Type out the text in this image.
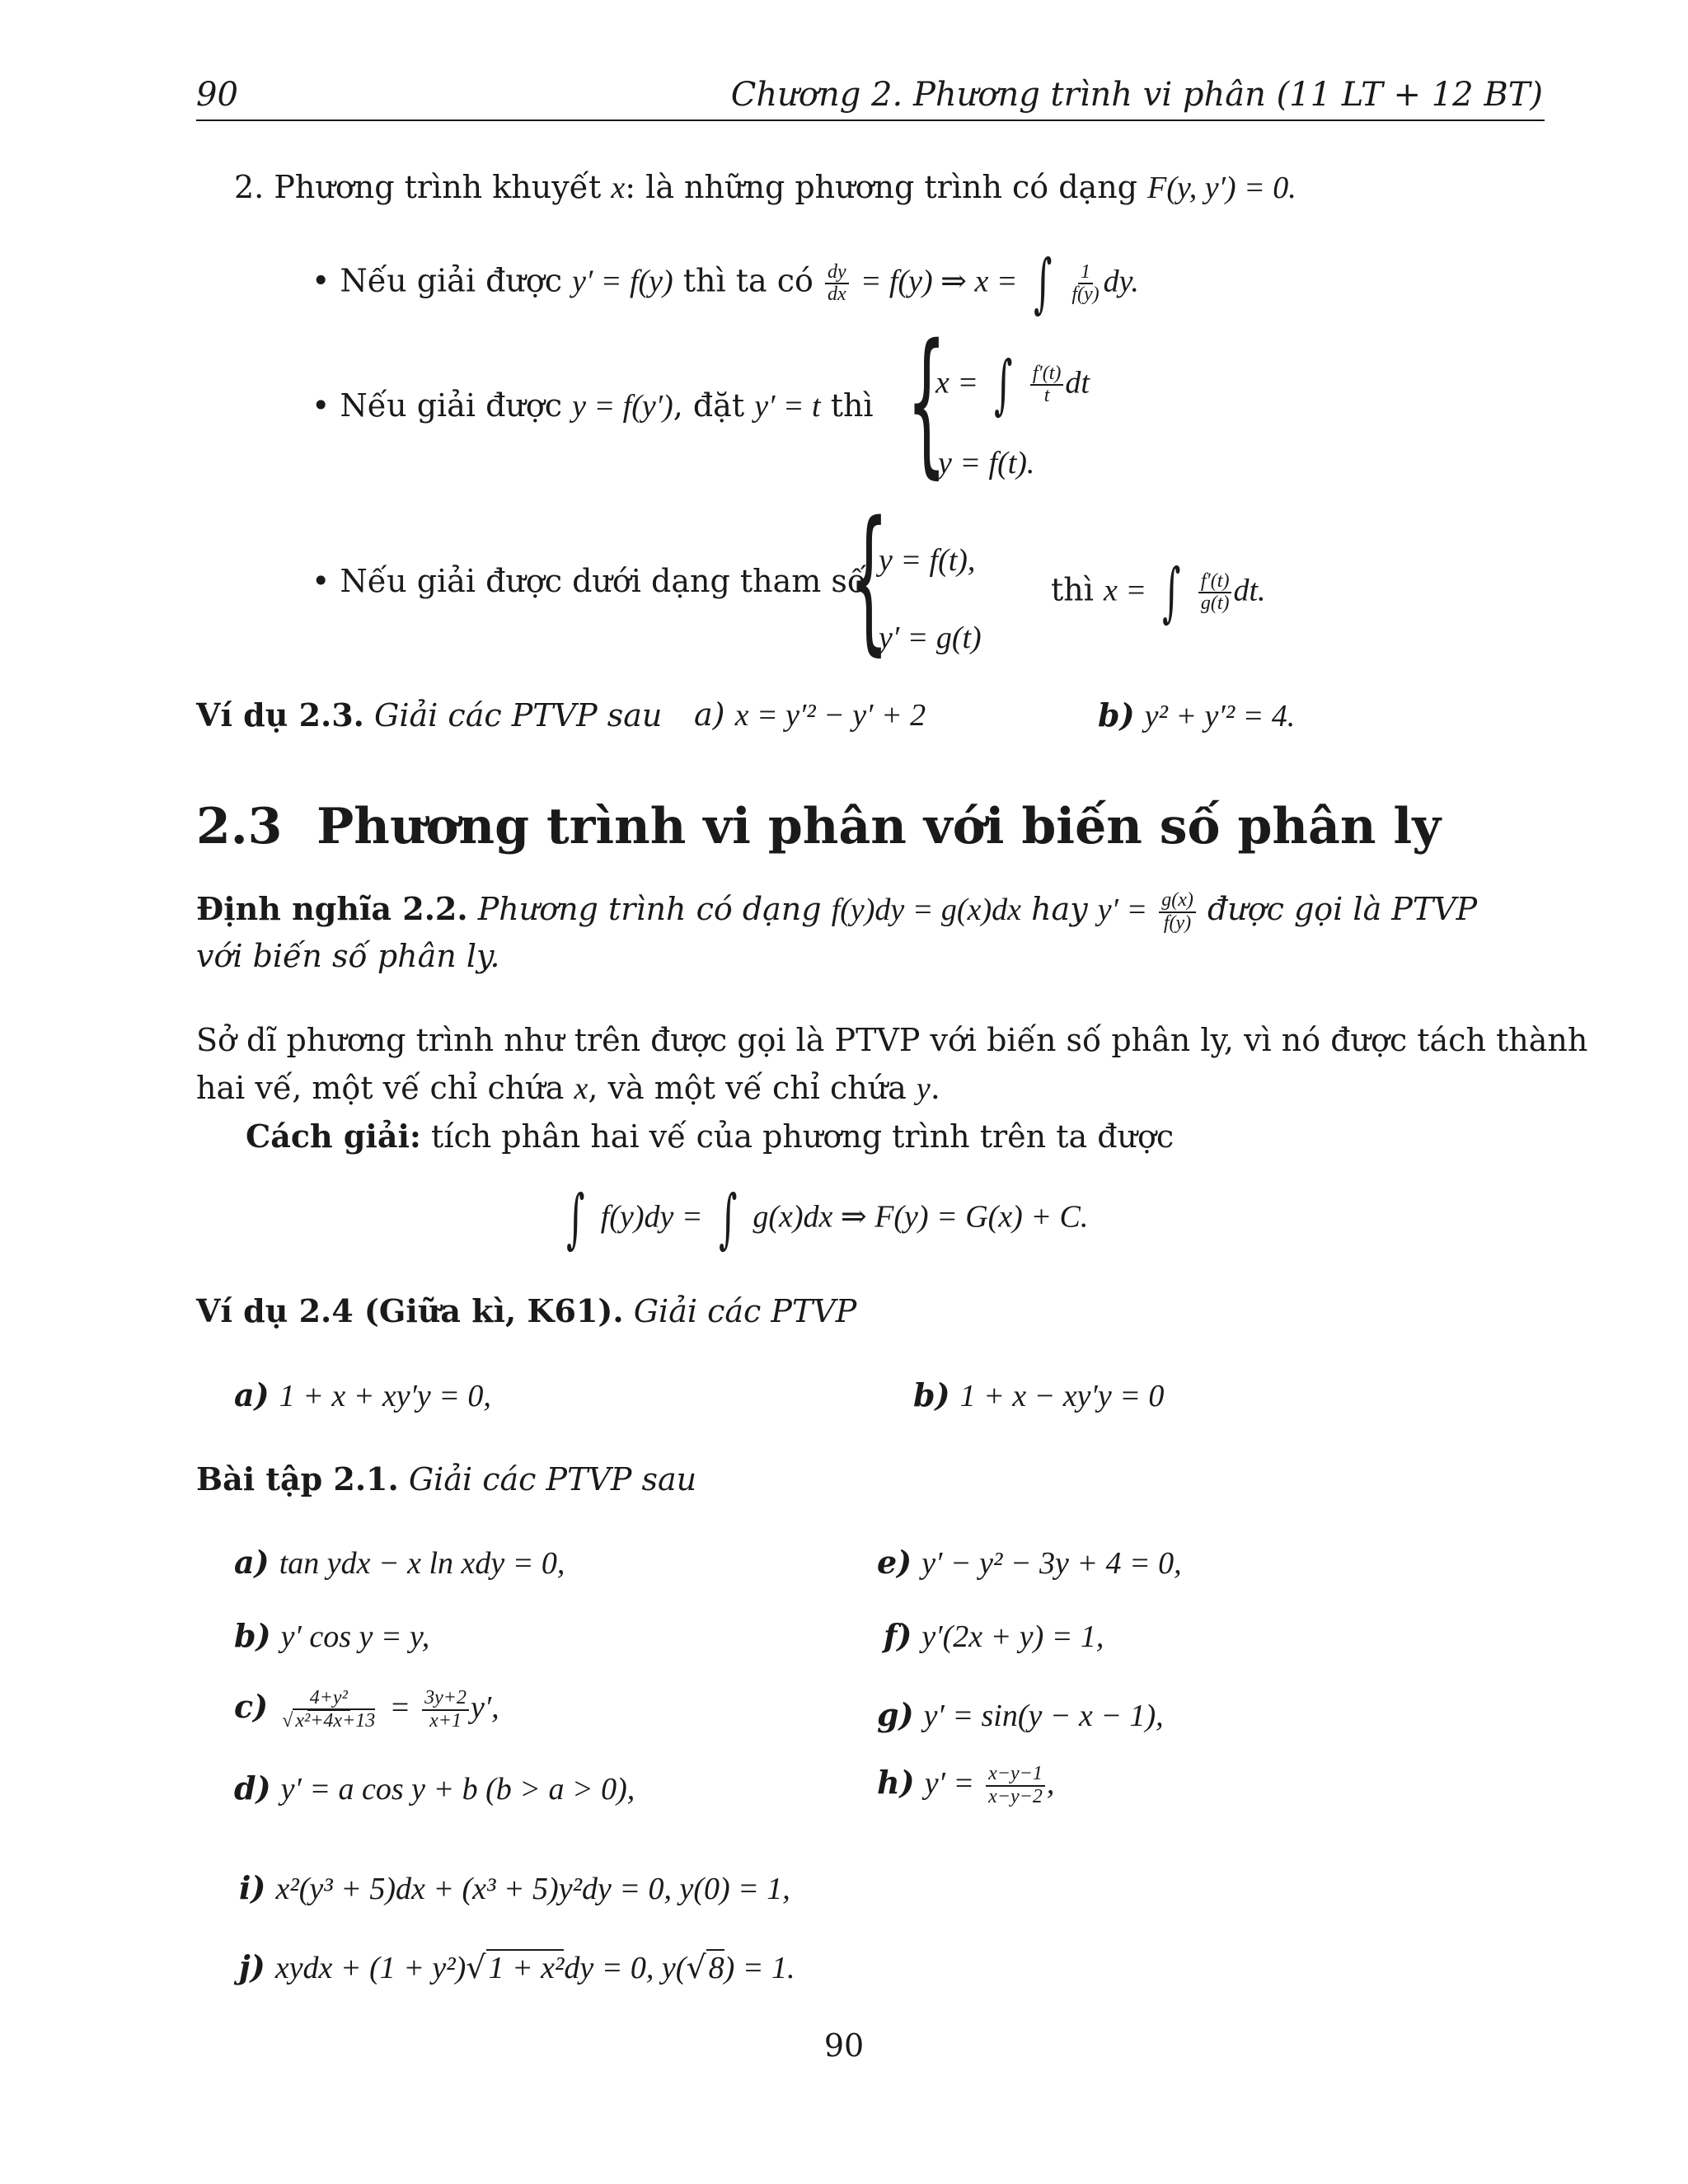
90	Chương 2. Phương trình vi phân (11 LT + 12 BT)
2. Phương trình khuyết x: là những phương trình có dạng F(y, y′) = 0.
• Nếu giải được y′ = f(y) thì ta có $\frac{dy}{dx} = f(y)$ ⇒ x = ∫ $\frac{1}{f(y)}$ dy.
• Nếu giải được y = f(y′), đặt y′ = t thì {
x = ∫ $\frac{f'(t)}{t}$ dt
y = f(t).
• Nếu giải được dưới dạng tham số
{
y = f(t),
y′ = g(t)
thì x = ∫ $\frac{f'(t)}{g(t)}$ dt.
Ví dụ 2.3. Giải các PTVP sau a) x = y′² − y′ + 2	b) y² + y′² = 4.
2.3 Phương trình vi phân với biến số phân ly
Định nghĩa 2.2. Phương trình có dạng f(y)dy = g(x)dx hay $y' = \frac{g(x)}{f(y)}$ được gọi là PTVP
với biến số phân ly.
Sở dĩ phương trình như trên được gọi là PTVP với biến số phân ly, vì nó được tách thành
hai vế, một vế chỉ chứa x, và một vế chỉ chứa y.
Cách giải: tích phân hai vế của phương trình trên ta được
∫ f(y)dy = ∫ g(x)dx ⇒ F(y) = G(x) + C.
Ví dụ 2.4 (Giữa kì, K61). Giải các PTVP
a) 1 + x + xy′y = 0,	b) 1 + x − xy′y = 0
Bài tập 2.1. Giải các PTVP sau
a) tan ydx − x ln xdy = 0,
b) y′ cos y = y,
$c) \frac{\text{4+y²}}{\text{√ x²+4x+13}} = \frac{3y+2}{x+1} y'$,
d) y′ = a cos y + b (b > a > 0),
e) y′ − y² − 3y + 4 = 0,
f) y′(2x + y) = 1,
g) y′ = sin(y − x − 1),
h) $y' = \frac{x-y-1}{x-y-2}$ ,
i) x²(y³ + 5)dx + (x³ + 5)y²dy = 0, y(0) = 1,
j) xydx + (1 + y²)√1 + x²dy = 0, y(√8) = 1.
90
